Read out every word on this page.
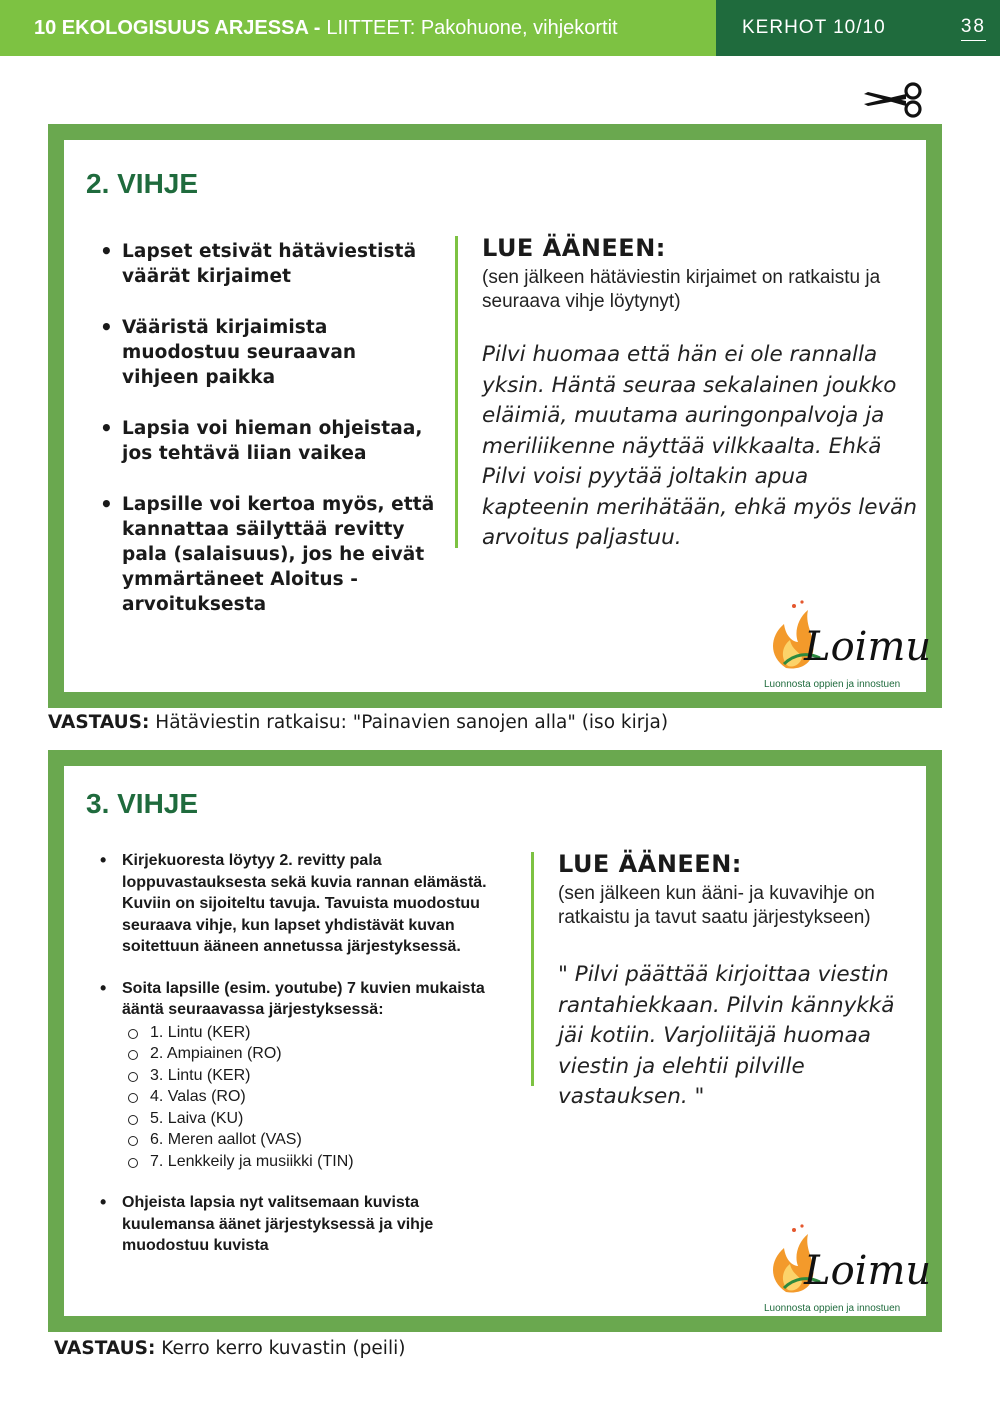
10 EKOLOGISUUS ARJESSA - LIITTEET: Pakohuone, vihjekortit	KERHOT 10/10	38
2. VIHJE
• Lapset etsivät hätäviestistä väärät kirjaimet
• Vääristä kirjaimista muodostuu seuraavan vihjeen paikka
• Lapsia voi hieman ohjeistaa, jos tehtävä liian vaikea
• Lapsille voi kertoa myös, että kannattaa säilyttää revitty pala (salaisuus), jos he eivät ymmärtäneet Aloitus -arvoituksesta
LUE ÄÄNEEN:
(sen jälkeen hätäviestin kirjaimet on ratkaistu ja seuraava vihje löytynyt)
Pilvi huomaa että hän ei ole rannalla yksin. Häntä seuraa sekalainen joukko eläimiä, muutama auringonpalvoja ja meriliikenne näyttää vilkkaalta. Ehkä Pilvi voisi pyytää joltakin apua kapteenin merihätään, ehkä myös levän arvoitus paljastuu.
Loimu
Luonnosta oppien ja innostuen
VASTAUS: Hätäviestin ratkaisu: "Painavien sanojen alla" (iso kirja)
3. VIHJE
• Kirjekuoresta löytyy 2. revitty pala loppuvastauksesta sekä kuvia rannan elämästä. Kuviin on sijoiteltu tavuja. Tavuista muodostuu seuraava vihje, kun lapset yhdistävät kuvan soitettuun ääneen annetussa järjestyksessä.
• Soita lapsille (esim. youtube) 7 kuvien mukaista ääntä seuraavassa järjestyksessä:
1. Lintu (KER)
2. Ampiainen (RO)
3. Lintu (KER)
4. Valas (RO)
5. Laiva (KU)
6. Meren aallot (VAS)
7. Lenkkeily ja musiikki (TIN)
• Ohjeista lapsia nyt valitsemaan kuvista kuulemansa äänet järjestyksessä ja vihje muodostuu kuvista
LUE ÄÄNEEN:
(sen jälkeen kun ääni- ja kuvavihje on ratkaistu ja tavut saatu järjestykseen)
" Pilvi päättää kirjoittaa viestin rantahiekkaan. Pilvin kännykkä jäi kotiin. Varjoliitäjä huomaa viestin ja elehtii pilville vastauksen. "
Loimu
Luonnosta oppien ja innostuen
VASTAUS: Kerro kerro kuvastin (peili)
